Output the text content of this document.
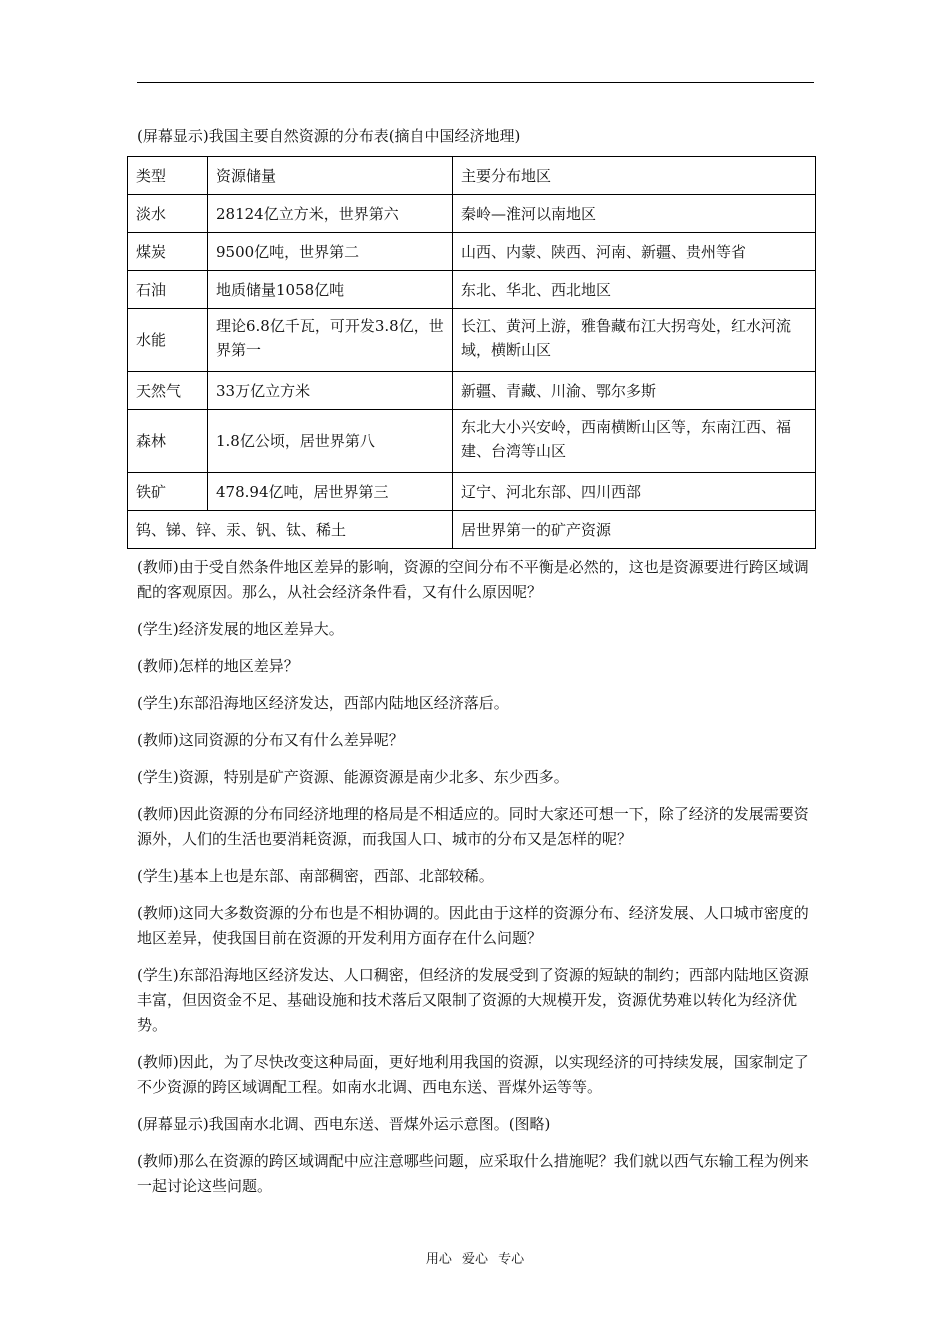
(屏幕显示)我国主要自然资源的分布表(摘自中国经济地理)
类型	资源储量	主要分布地区
淡水	28124亿立方米，世界第六	秦岭—淮河以南地区
煤炭	9500亿吨，世界第二	山西、内蒙、陕西、河南、新疆、贵州等省
石油	地质储量1058亿吨	东北、华北、西北地区
水能	理论6.8亿千瓦，可开发3.8亿，世界第一	长江、黄河上游，雅鲁藏布江大拐弯处，红水河流域，横断山区
天然气	33万亿立方米	新疆、青藏、川渝、鄂尔多斯
森林	1.8亿公顷，居世界第八	东北大小兴安岭，西南横断山区等，东南江西、福建、台湾等山区
铁矿	478.94亿吨，居世界第三	辽宁、河北东部、四川西部
钨、锑、锌、汞、钒、钛、稀土		居世界第一的矿产资源

(教师)由于受自然条件地区差异的影响，资源的空间分布不平衡是必然的，这也是资源要进行跨区域调配的客观原因。那么，从社会经济条件看，又有什么原因呢？

(学生)经济发展的地区差异大。

(教师)怎样的地区差异？

(学生)东部沿海地区经济发达，西部内陆地区经济落后。

(教师)这同资源的分布又有什么差异呢？

(学生)资源，特别是矿产资源、能源资源是南少北多、东少西多。

(教师)因此资源的分布同经济地理的格局是不相适应的。同时大家还可想一下，除了经济的发展需要资源外，人们的生活也要消耗资源，而我国人口、城市的分布又是怎样的呢？

(学生)基本上也是东部、南部稠密，西部、北部较稀。

(教师)这同大多数资源的分布也是不相协调的。因此由于这样的资源分布、经济发展、人口城市密度的地区差异，使我国目前在资源的开发利用方面存在什么问题？

(学生)东部沿海地区经济发达、人口稠密，但经济的发展受到了资源的短缺的制约；西部内陆地区资源丰富，但因资金不足、基础设施和技术落后又限制了资源的大规模开发，资源优势难以转化为经济优势。

(教师)因此，为了尽快改变这种局面，更好地利用我国的资源，以实现经济的可持续发展，国家制定了不少资源的跨区域调配工程。如南水北调、西电东送、晋煤外运等等。

(屏幕显示)我国南水北调、西电东送、晋煤外运示意图。(图略)

(教师)那么在资源的跨区域调配中应注意哪些问题，应采取什么措施呢？我们就以西气东输工程为例来一起讨论这些问题。

用心 爱心 专心
